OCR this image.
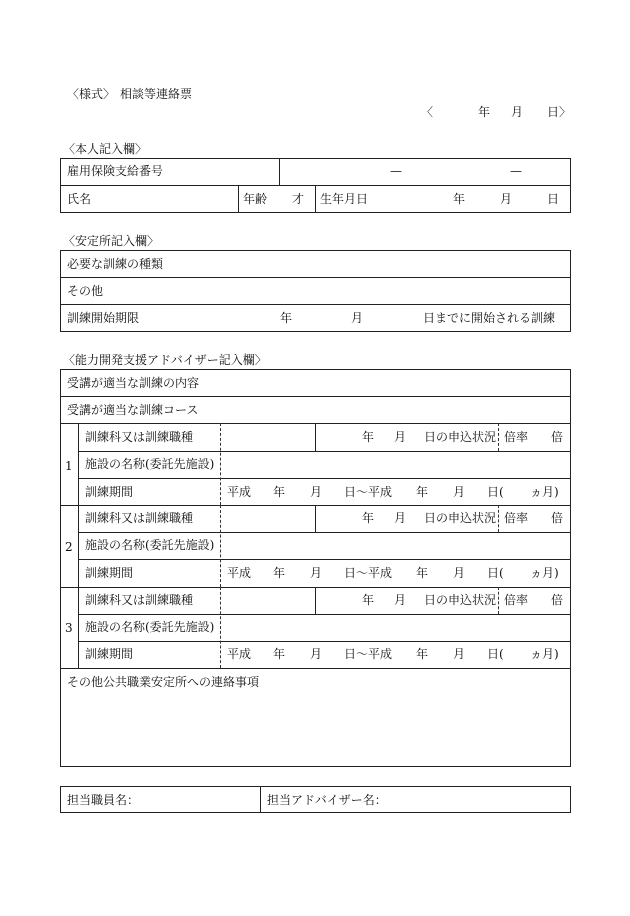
〈様式〉 相談等連絡票
〈	年 月 日〉
〈本人記入欄〉
雇用保険支給番号	—	—
氏名	年齢 才 生年月日	年	月	日
〈安定所記入欄〉
必要な訓練の種類
その他
訓練開始期限	年	月	日までに開始される訓練
〈能力開発支援アドバイザー記入欄〉
受講が適当な訓練の内容
受講が適当な訓練コース
1
訓練科又は訓練職種	年 月 日の申込状況 倍率 倍
施設の名称(委託先施設)
訓練期間	平成 年 月 日〜平成 年 月 日( ヵ月)
2
訓練科又は訓練職種	年 月 日の申込状況 倍率 倍
施設の名称(委託先施設)
訓練期間	平成 年 月 日〜平成 年 月 日( ヵ月)
3
訓練科又は訓練職種	年 月 日の申込状況 倍率 倍
施設の名称(委託先施設)
訓練期間	平成 年 月 日〜平成 年 月 日( ヵ月)
その他公共職業安定所への連絡事項
担当職員名：	担当アドバイザー名：
